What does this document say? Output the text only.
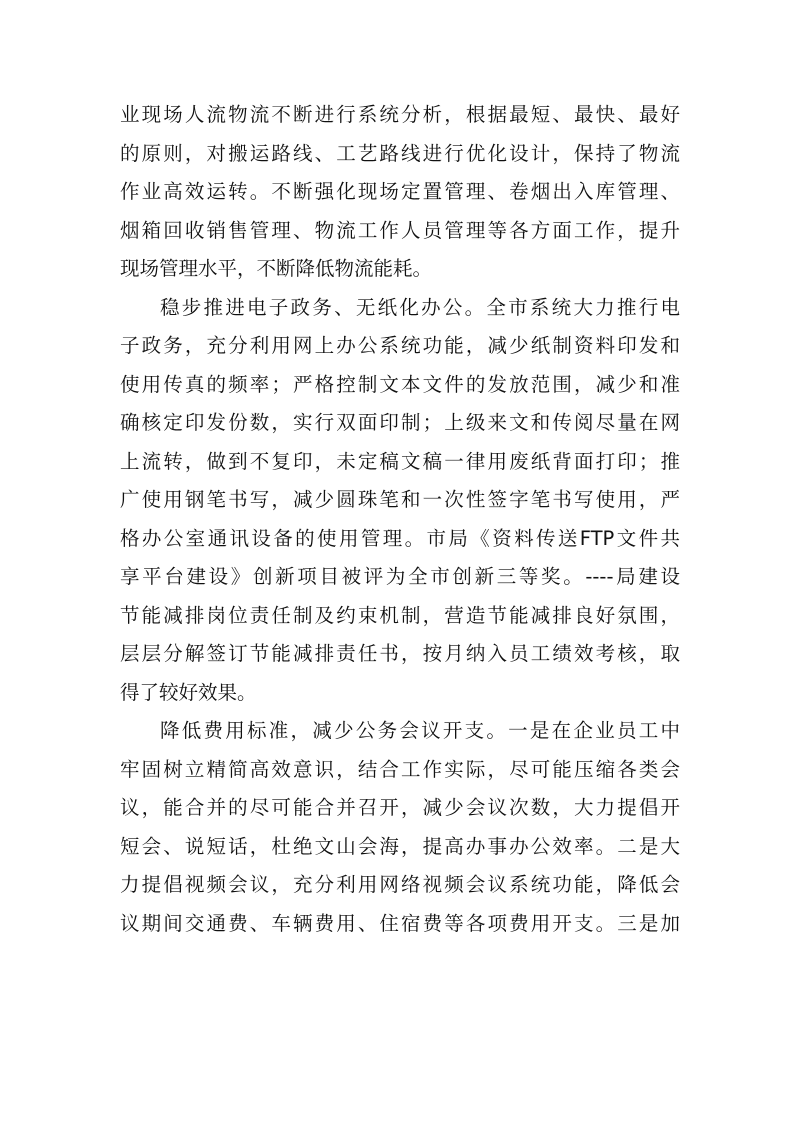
业现场人流物流不断进行系统分析，根据最短、最快、最好
的原则，对搬运路线、工艺路线进行优化设计，保持了物流
作业高效运转。不断强化现场定置管理、卷烟出入库管理、
烟箱回收销售管理、物流工作人员管理等各方面工作，提升
现场管理水平，不断降低物流能耗。
稳步推进电子政务、无纸化办公。全市系统大力推行电
子政务，充分利用网上办公系统功能，减少纸制资料印发和
使用传真的频率；严格控制文本文件的发放范围，减少和准
确核定印发份数，实行双面印制；上级来文和传阅尽量在网
上流转，做到不复印，未定稿文稿一律用废纸背面打印；推
广使用钢笔书写，减少圆珠笔和一次性签字笔书写使用，严
格办公室通讯设备的使用管理。市局《资料传送FTP文件共
享平台建设》创新项目被评为全市创新三等奖。----局建设
节能减排岗位责任制及约束机制，营造节能减排良好氛围，
层层分解签订节能减排责任书，按月纳入员工绩效考核，取
得了较好效果。
降低费用标准，减少公务会议开支。一是在企业员工中
牢固树立精简高效意识，结合工作实际，尽可能压缩各类会
议，能合并的尽可能合并召开，减少会议次数，大力提倡开
短会、说短话，杜绝文山会海，提高办事办公效率。二是大
力提倡视频会议，充分利用网络视频会议系统功能，降低会
议期间交通费、车辆费用、住宿费等各项费用开支。三是加
